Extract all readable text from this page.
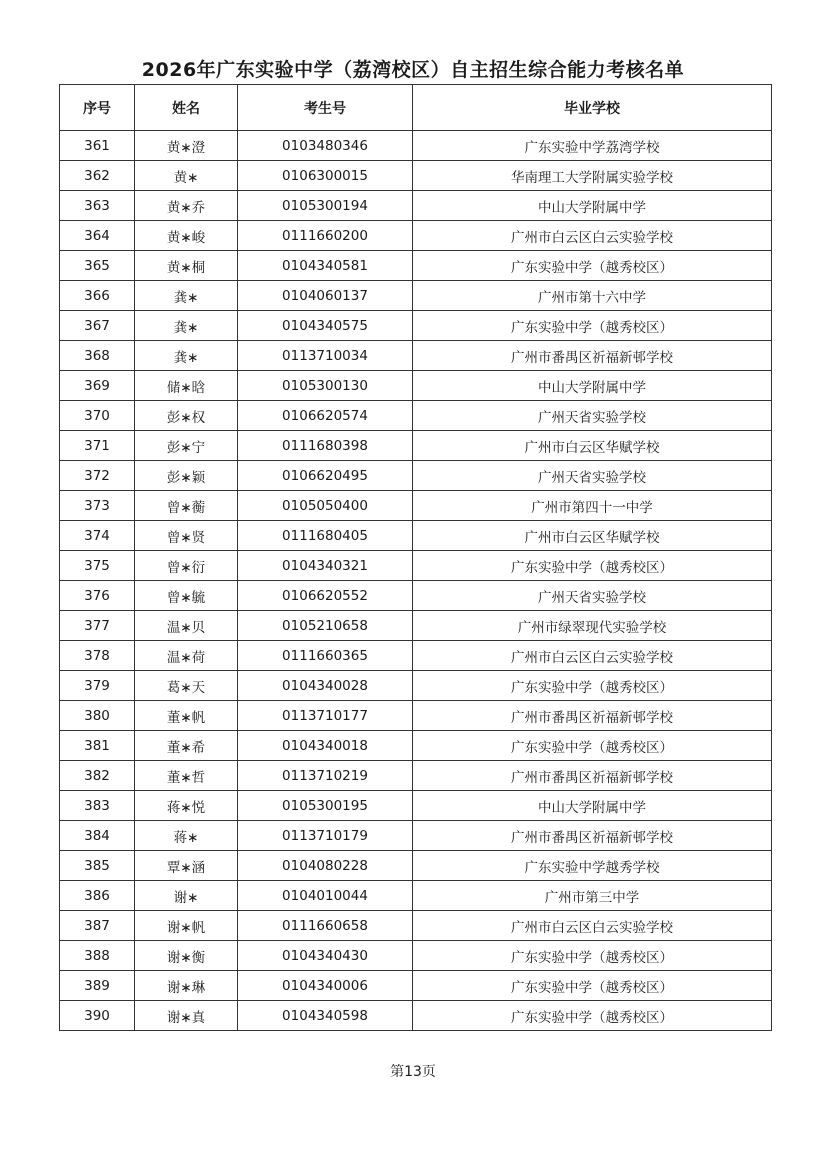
2026年广东实验中学（荔湾校区）自主招生综合能力考核名单
序号	姓名	考生号	毕业学校
361	黄∗澄	0103480346	广东实验中学荔湾学校
362	黄∗	0106300015	华南理工大学附属实验学校
363	黄∗乔	0105300194	中山大学附属中学
364	黄∗峻	0111660200	广州市白云区白云实验学校
365	黄∗桐	0104340581	广东实验中学（越秀校区）
366	龚∗	0104060137	广州市第十六中学
367	龚∗	0104340575	广东实验中学（越秀校区）
368	龚∗	0113710034	广州市番禺区祈福新邨学校
369	储∗晗	0105300130	中山大学附属中学
370	彭∗权	0106620574	广州天省实验学校
371	彭∗宁	0111680398	广州市白云区华赋学校
372	彭∗颖	0106620495	广州天省实验学校
373	曾∗蘅	0105050400	广州市第四十一中学
374	曾∗贤	0111680405	广州市白云区华赋学校
375	曾∗衍	0104340321	广东实验中学（越秀校区）
376	曾∗毓	0106620552	广州天省实验学校
377	温∗贝	0105210658	广州市绿翠现代实验学校
378	温∗荷	0111660365	广州市白云区白云实验学校
379	葛∗天	0104340028	广东实验中学（越秀校区）
380	董∗帆	0113710177	广州市番禺区祈福新邨学校
381	董∗希	0104340018	广东实验中学（越秀校区）
382	董∗哲	0113710219	广州市番禺区祈福新邨学校
383	蒋∗悦	0105300195	中山大学附属中学
384	蒋∗	0113710179	广州市番禺区祈福新邨学校
385	覃∗涵	0104080228	广东实验中学越秀学校
386	谢∗	0104010044	广州市第三中学
387	谢∗帆	0111660658	广州市白云区白云实验学校
388	谢∗衡	0104340430	广东实验中学（越秀校区）
389	谢∗琳	0104340006	广东实验中学（越秀校区）
390	谢∗真	0104340598	广东实验中学（越秀校区）
第13页
